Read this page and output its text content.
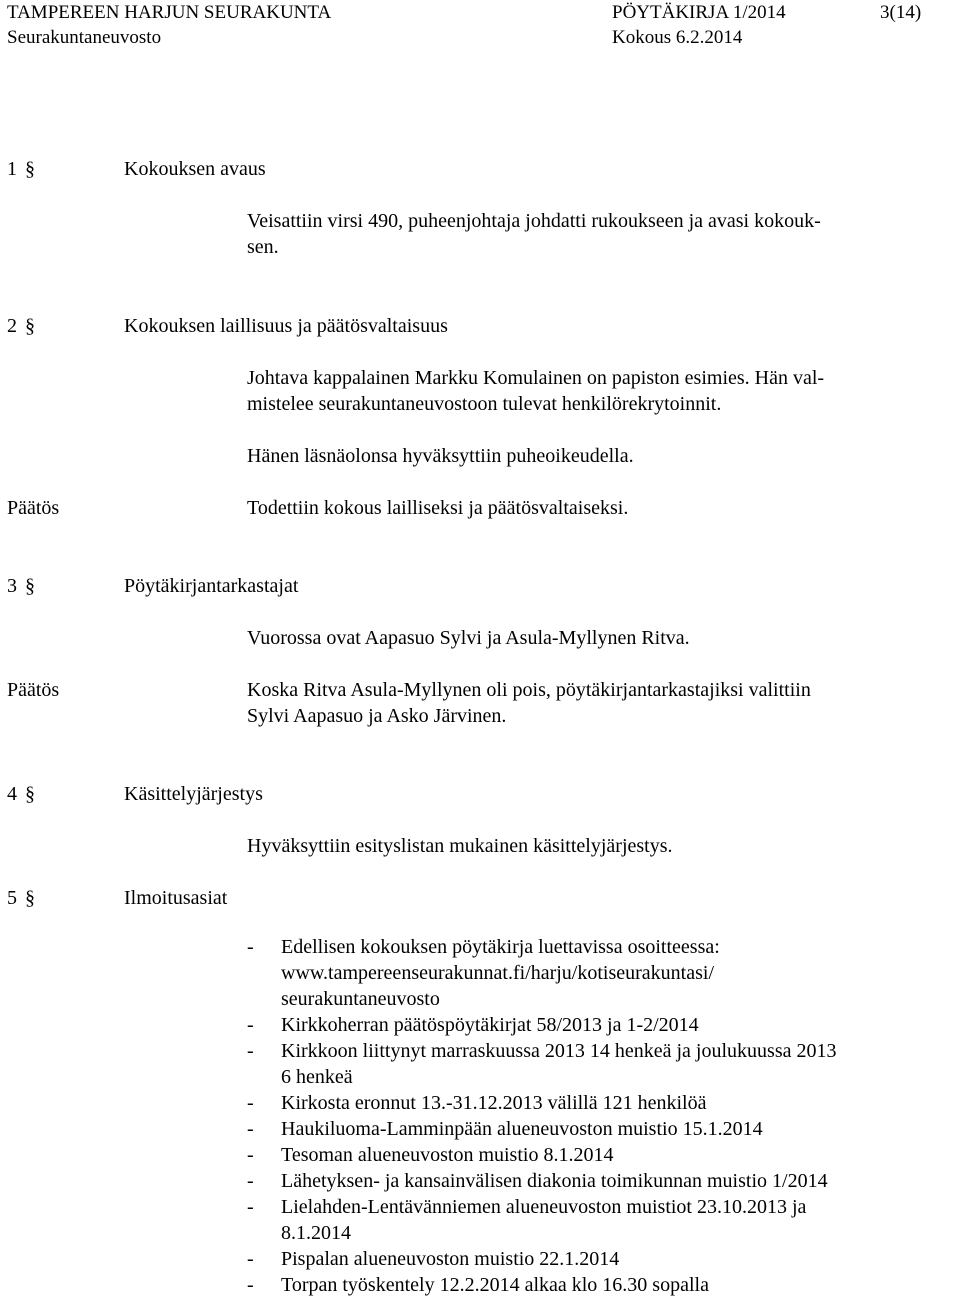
TAMPEREEN HARJUN SEURAKUNTA	PÖYTÄKIRJA 1/2014	3(14)
Seurakuntaneuvosto	Kokous 6.2.2014
1 §	Kokouksen avaus
Veisattiin virsi 490, puheenjohtaja johdatti rukoukseen ja avasi kokouk-
sen.
2 §	Kokouksen laillisuus ja päätösvaltaisuus
Johtava kappalainen Markku Komulainen on papiston esimies. Hän val-
mistelee seurakuntaneuvostoon tulevat henkilörekrytoinnit.
Hänen läsnäolonsa hyväksyttiin puheoikeudella.
Päätös	Todettiin kokous lailliseksi ja päätösvaltaiseksi.
3 §	Pöytäkirjantarkastajat
Vuorossa ovat Aapasuo Sylvi ja Asula-Myllynen Ritva.
Päätös	Koska Ritva Asula-Myllynen oli pois, pöytäkirjantarkastajiksi valittiin
Sylvi Aapasuo ja Asko Järvinen.
4 §	Käsittelyjärjestys
Hyväksyttiin esityslistan mukainen käsittelyjärjestys.
5 §	Ilmoitusasiat
- Edellisen kokouksen pöytäkirja luettavissa osoitteessa:
www.tampereenseurakunnat.fi/harju/kotiseurakuntasi/
seurakuntaneuvosto
- Kirkkoherran päätöspöytäkirjat 58/2013 ja 1-2/2014
- Kirkkoon liittynyt marraskuussa 2013 14 henkeä ja joulukuussa 2013
6 henkeä
- Kirkosta eronnut 13.-31.12.2013 välillä 121 henkilöä
- Haukiluoma-Lamminpään alueneuvoston muistio 15.1.2014
- Tesoman alueneuvoston muistio 8.1.2014
- Lähetyksen- ja kansainvälisen diakonia toimikunnan muistio 1/2014
- Lielahden-Lentävänniemen alueneuvoston muistiot 23.10.2013 ja
8.1.2014
- Pispalan alueneuvoston muistio 22.1.2014
- Torpan työskentely 12.2.2014 alkaa klo 16.30 sopalla
